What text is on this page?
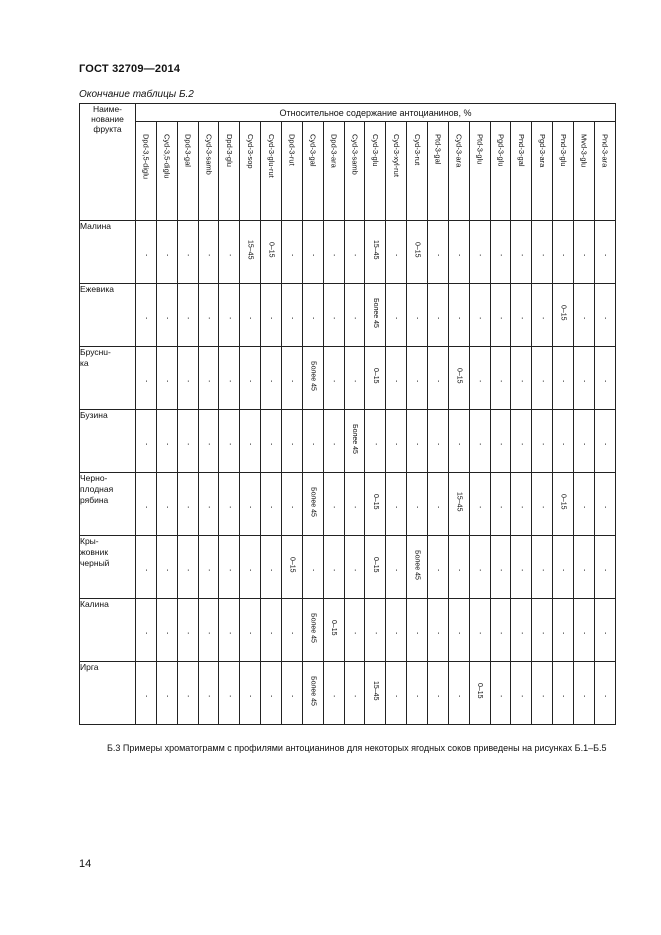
ГОСТ 32709—2014
Окончание таблицы Б.2
Наиме-
нование
фрукта	Относительное содержание антоцианинов, %																						
	Dpd-3,5-diglu	Cyd-3,5-diglu	Dpd-3-gal	Cyd-3-samb	Dpd-3-glu	Cyd-3-sop	Cyd-3-glu-rut	Dpd-3-rut	Cyd-3-gal	Dpd-3-ara	Cyd-3-samb	Cyd-3-glu	Cyd-3-xyl-rut	Cyd-3-rut	Ptd-3-gal	Cyd-3-ara	Ptd-3-glu	Pgd-3-glu	Pnd-3-gal	Pgd-3-ara	Pnd-3-glu	Mvd-3-glu	Pnd-3-ara
Малина	-	-	-	-	-	15–45	0–15	-	-	-	-	15–45	-	0–15	-	-	-	-	-	-	-	-	-
Ежевика	-	-	-	-	-	-	-	-	-	-	-	Более 45	-	-	-	-	-	-	-	-	0–15	-	-
Бруснu-
ка	-	-	-	-	-	-	-	-	Более 45	-	-	0–15	-	-	-	0–15	-	-	-	-	-	-	-
Бузина	-	-	-	-	-	-	-	-	-	-	Более 45	-	-	-	-	-	-	-	-	-	-	-	-
Черно-
плодная
рябина	-	-	-	-	-	-	-	-	Более 45	-	-	0–15	-	-	-	15–45	-	-	-	-	0–15	-	-
Кры-
жовник
черный	-	-	-	-	-	-	-	0–15	-	-	-	0–15	-	Более 45	-	-	-	-	-	-	-	-	-
Калина	-	-	-	-	-	-	-	-	Более 45	0–15	-	-	-	-	-	-	-	-	-	-	-	-	-
Ирга	-	-	-	-	-	-	-	-	Более 45	-	-	15–45	-	-	-	-	0–15	-	-	-	-	-	-
Б.3 Примеры хроматограмм с профилями антоцианинов для некоторых ягодных соков приведены на рисунках Б.1–Б.5
14
